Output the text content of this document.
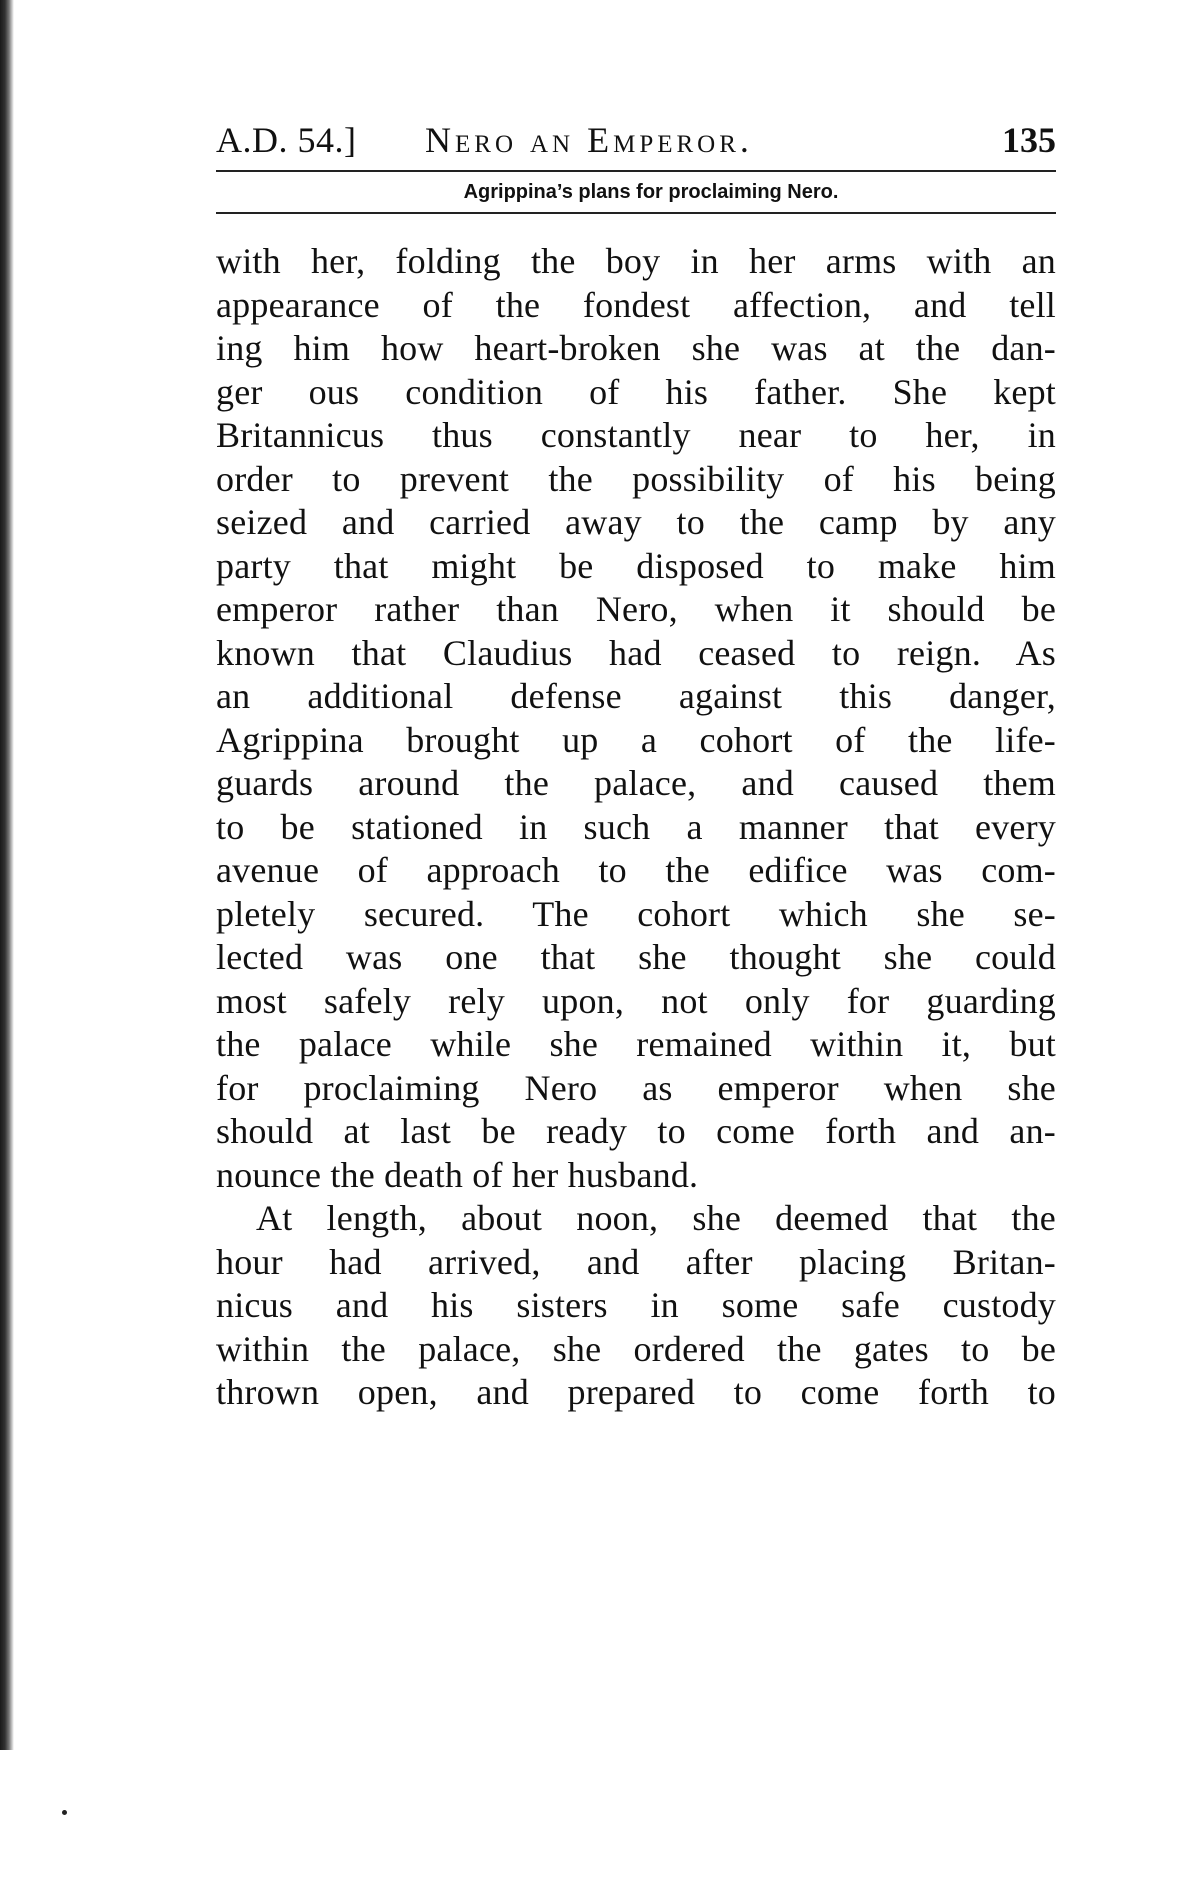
A.D. 54.] Nero an Emperor.	135
Agrippina’s plans for proclaiming Nero.
with her, folding the boy in her arms with an
appearance of the fondest affection, and tell
ing him how heart-broken she was at the dan-
ger ous condition of his father. She kept
Britannicus thus constantly near to her, in
order to prevent the possibility of his being
seized and carried away to the camp by any
party that might be disposed to make him
emperor rather than Nero, when it should be
known that Claudius had ceased to reign. As
an additional defense against this danger,
Agrippina brought up a cohort of the life-
guards around the palace, and caused them
to be stationed in such a manner that every
avenue of approach to the edifice was com-
pletely secured. The cohort which she se-
lected was one that she thought she could
most safely rely upon, not only for guarding
the palace while she remained within it, but
for proclaiming Nero as emperor when she
should at last be ready to come forth and an-
nounce the death of her husband.
At length, about noon, she deemed that the
hour had arrived, and after placing Britan-
nicus and his sisters in some safe custody
within the palace, she ordered the gates to be
thrown open, and prepared to come forth to
